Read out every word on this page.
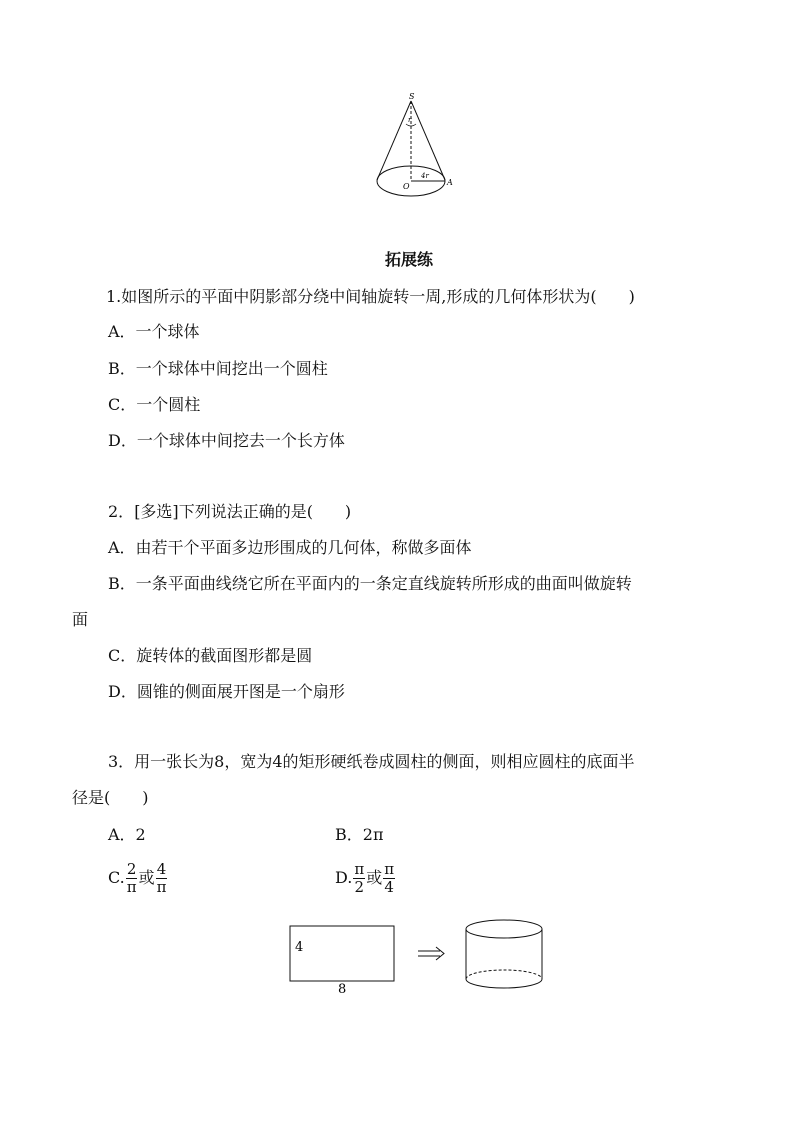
S
r
O
4r
A
拓展练
1.如图所示的平面中阴影部分绕中间轴旋转一周,形成的几何体形状为(　　)
A．一个球体
B．一个球体中间挖出一个圆柱
C．一个圆柱
D．一个球体中间挖去一个长方体
2．[多选]下列说法正确的是(　　)
A．由若干个平面多边形围成的几何体，称做多面体
B．一条平面曲线绕它所在平面内的一条定直线旋转所形成的曲面叫做旋转
面
C．旋转体的截面图形都是圆
D．圆锥的侧面展开图是一个扇形
3．用一张长为8，宽为4的矩形硬纸卷成圆柱的侧面，则相应圆柱的底面半
径是(　　)
A．2	B．2π
C. $\frac{2}{\pi}$ 或 $\frac{4}{\pi}$	D. $\frac{\pi}{2}$ 或 $\frac{\pi}{4}$
4
8
